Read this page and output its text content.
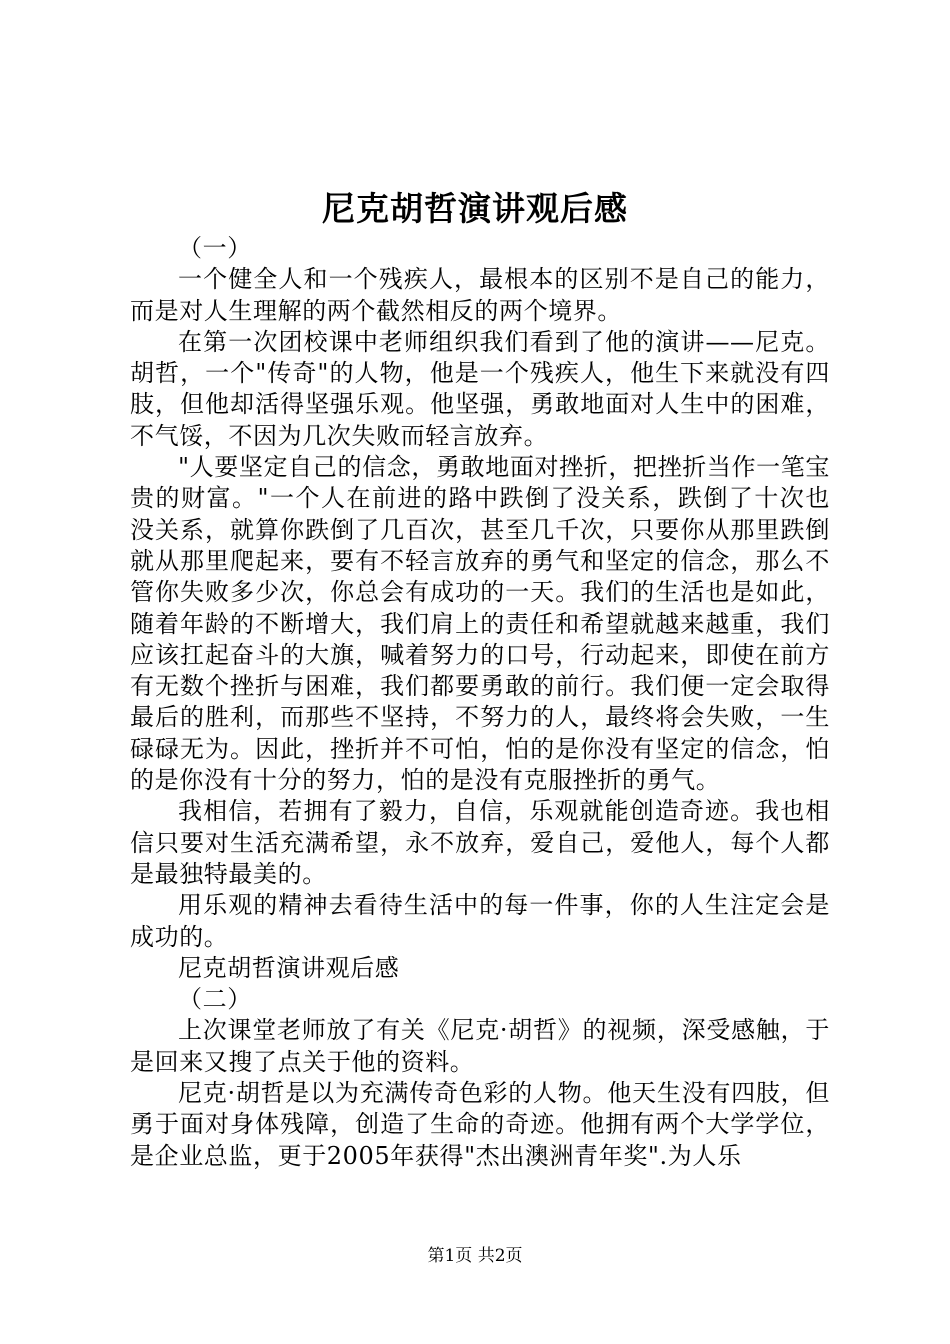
尼克胡哲演讲观后感

（一）

一个健全人和一个残疾人，最根本的区别不是自己的能力，而是对人生理解的两个截然相反的两个境界。

在第一次团校课中老师组织我们看到了他的演讲——尼克。胡哲，一个"传奇"的人物，他是一个残疾人，他生下来就没有四肢，但他却活得坚强乐观。他坚强，勇敢地面对人生中的困难，不气馁，不因为几次失败而轻言放弃。

"人要坚定自己的信念，勇敢地面对挫折，把挫折当作一笔宝贵的财富。"一个人在前进的路中跌倒了没关系，跌倒了十次也没关系，就算你跌倒了几百次，甚至几千次，只要你从那里跌倒就从那里爬起来，要有不轻言放弃的勇气和坚定的信念，那么不管你失败多少次，你总会有成功的一天。我们的生活也是如此，随着年龄的不断增大，我们肩上的责任和希望就越来越重，我们应该扛起奋斗的大旗，喊着努力的口号，行动起来，即使在前方有无数个挫折与困难，我们都要勇敢的前行。我们便一定会取得最后的胜利，而那些不坚持，不努力的人，最终将会失败，一生碌碌无为。因此，挫折并不可怕，怕的是你没有坚定的信念，怕的是你没有十分的努力，怕的是没有克服挫折的勇气。

我相信，若拥有了毅力，自信，乐观就能创造奇迹。我也相信只要对生活充满希望，永不放弃，爱自己，爱他人，每个人都是最独特最美的。

用乐观的精神去看待生活中的每一件事，你的人生注定会是成功的。

尼克胡哲演讲观后感

（二）

上次课堂老师放了有关《尼克·胡哲》的视频，深受感触，于是回来又搜了点关于他的资料。

尼克·胡哲是以为充满传奇色彩的人物。他天生没有四肢，但勇于面对身体残障，创造了生命的奇迹。他拥有两个大学学位，是企业总监，更于2005年获得"杰出澳洲青年奖".为人乐

第1页 共2页
